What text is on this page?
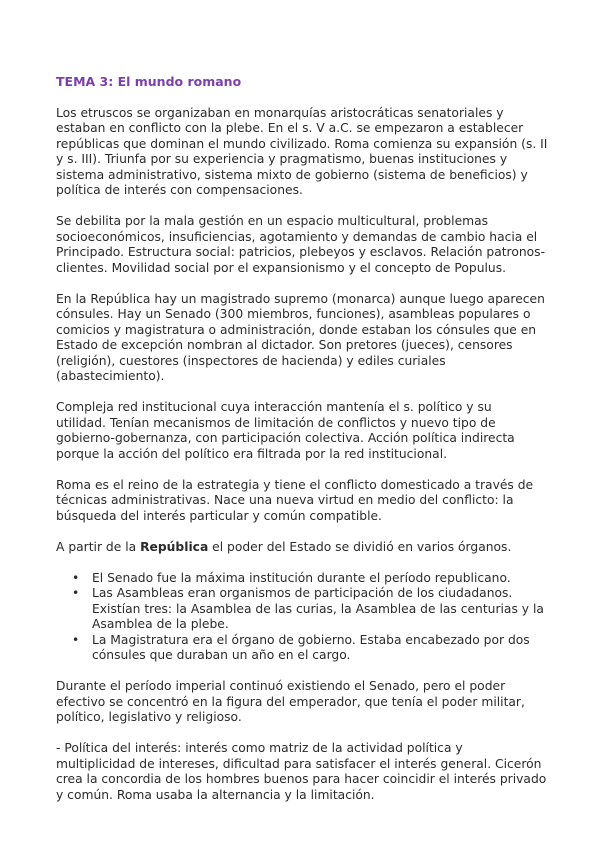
TEMA 3: El mundo romano

Los etruscos se organizaban en monarquías aristocráticas senatoriales y
estaban en conflicto con la plebe. En el s. V a.C. se empezaron a establecer
repúblicas que dominan el mundo civilizado. Roma comienza su expansión (s. II
y s. III). Triunfa por su experiencia y pragmatismo, buenas instituciones y
sistema administrativo, sistema mixto de gobierno (sistema de beneficios) y
política de interés con compensaciones.

Se debilita por la mala gestión en un espacio multicultural, problemas
socioeconómicos, insuficiencias, agotamiento y demandas de cambio hacia el
Principado. Estructura social: patricios, plebeyos y esclavos. Relación patronos-
clientes. Movilidad social por el expansionismo y el concepto de Populus.

En la República hay un magistrado supremo (monarca) aunque luego aparecen
cónsules. Hay un Senado (300 miembros, funciones), asambleas populares o
comicios y magistratura o administración, donde estaban los cónsules que en
Estado de excepción nombran al dictador. Son pretores (jueces), censores
(religión), cuestores (inspectores de hacienda) y ediles curiales
(abastecimiento).

Compleja red institucional cuya interacción mantenía el s. político y su
utilidad. Tenían mecanismos de limitación de conflictos y nuevo tipo de
gobierno-gobernanza, con participación colectiva. Acción política indirecta
porque la acción del político era filtrada por la red institucional.

Roma es el reino de la estrategia y tiene el conflicto domesticado a través de
técnicas administrativas. Nace una nueva virtud en medio del conflicto: la
búsqueda del interés particular y común compatible.

A partir de la República el poder del Estado se dividió en varios órganos.

• El Senado fue la máxima institución durante el período republicano.
• Las Asambleas eran organismos de participación de los ciudadanos.
Existían tres: la Asamblea de las curias, la Asamblea de las centurias y la
Asamblea de la plebe.
• La Magistratura era el órgano de gobierno. Estaba encabezado por dos
cónsules que duraban un año en el cargo.

Durante el período imperial continuó existiendo el Senado, pero el poder
efectivo se concentró en la figura del emperador, que tenía el poder militar,
político, legislativo y religioso.

- Política del interés: interés como matriz de la actividad política y
multiplicidad de intereses, dificultad para satisfacer el interés general. Cicerón
crea la concordia de los hombres buenos para hacer coincidir el interés privado
y común. Roma usaba la alternancia y la limitación.
